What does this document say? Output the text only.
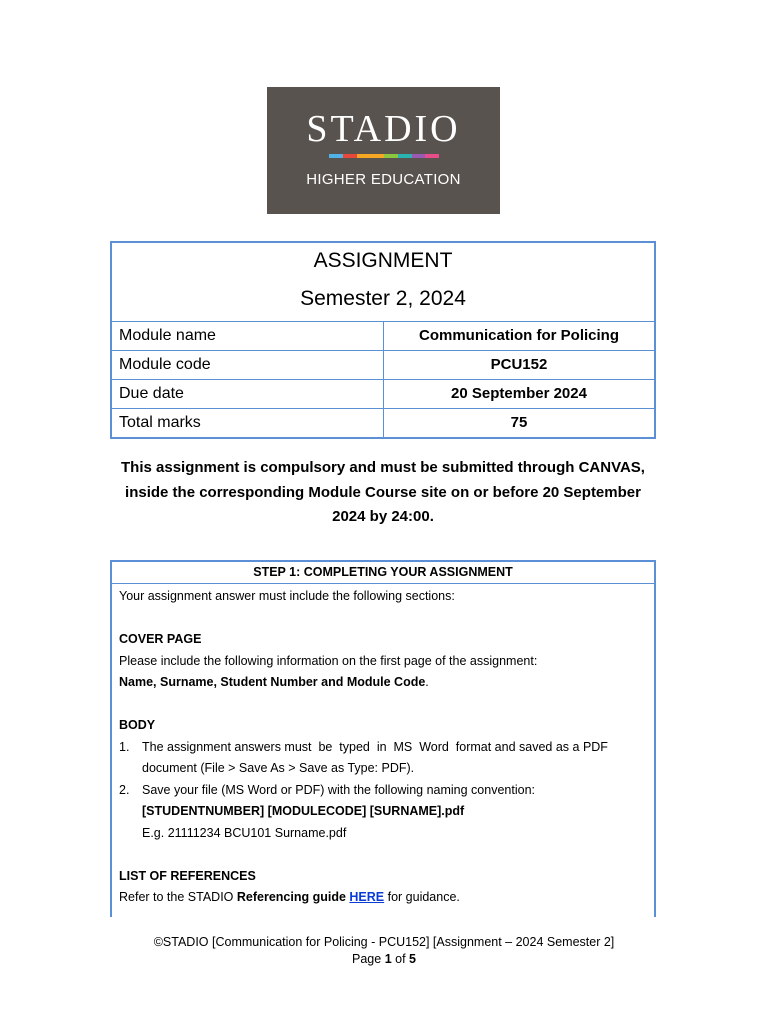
STADIO
HIGHER EDUCATION
ASSIGNMENT
Semester 2, 2024
Module name	Communication for Policing
Module code	PCU152
Due date	20 September 2024
Total marks	75
This assignment is compulsory and must be submitted through CANVAS,
inside the corresponding Module Course site on or before 20 September
2024 by 24:00.
STEP 1: COMPLETING YOUR ASSIGNMENT
Your assignment answer must include the following sections:
COVER PAGE
Please include the following information on the first page of the assignment:
Name, Surname, Student Number and Module Code.
BODY
1.	The assignment answers must  be  typed  in  MS  Word  format and saved as a PDF
document (File > Save As > Save as Type: PDF).
2.	Save your file (MS Word or PDF) with the following naming convention:
[STUDENTNUMBER] [MODULECODE] [SURNAME].pdf
E.g. 21111234 BCU101 Surname.pdf
LIST OF REFERENCES
Refer to the STADIO Referencing guide HERE for guidance.
©STADIO [Communication for Policing - PCU152] [Assignment – 2024 Semester 2]
Page 1 of 5
